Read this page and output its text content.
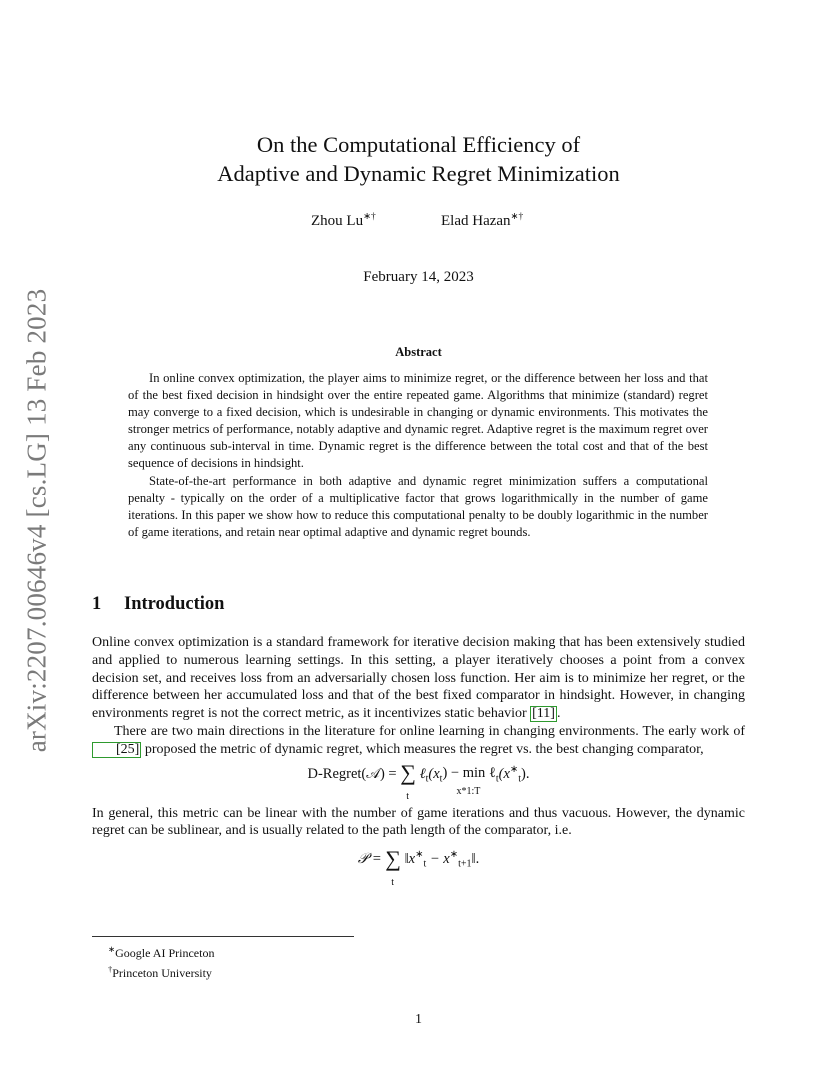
arXiv:2207.00646v4 [cs.LG] 13 Feb 2023
On the Computational Efficiency of
Adaptive and Dynamic Regret Minimization
Zhou Lu∗†	Elad Hazan∗†
February 14, 2023
Abstract

In online convex optimization, the player aims to minimize regret, or the difference between her loss and that of the best fixed decision in hindsight over the entire repeated game. Algorithms that minimize (standard) regret may converge to a fixed decision, which is undesirable in changing or dynamic environments. This motivates the stronger metrics of performance, notably adaptive and dynamic regret. Adaptive regret is the maximum regret over any continuous sub-interval in time. Dynamic regret is the difference between the total cost and that of the best sequence of decisions in hindsight.

State-of-the-art performance in both adaptive and dynamic regret minimization suffers a computational penalty - typically on the order of a multiplicative factor that grows logarithmically in the number of game iterations. In this paper we show how to reduce this computational penalty to be doubly logarithmic in the number of game iterations, and retain near optimal adaptive and dynamic regret bounds.

1 Introduction

Online convex optimization is a standard framework for iterative decision making that has been extensively studied and applied to numerous learning settings. In this setting, a player iteratively chooses a point from a convex decision set, and receives loss from an adversarially chosen loss function. Her aim is to minimize her regret, or the difference between her accumulated loss and that of the best fixed comparator in hindsight. However, in changing environments regret is not the correct metric, as it incentivizes static behavior [11] .

There are two main directions in the literature for online learning in changing environments. The early work of [25] proposed the metric of dynamic regret, which measures the regret vs. the best changing comparator,

D-Regret(𝒜) = ∑
t
$\ell_t(x_t) - \min$ ℓ
x*1:T
$_t(x^∗_t)$.

In general, this metric can be linear with the number of game iterations and thus vacuous. However, the dynamic regret can be sublinear, and is usually related to the path length of the comparator, i.e.

𝒫 = ∑
t
$‖x^∗_t$ − $x^∗_{t+1}‖$.
∗Google AI Princeton
†Princeton University
1
